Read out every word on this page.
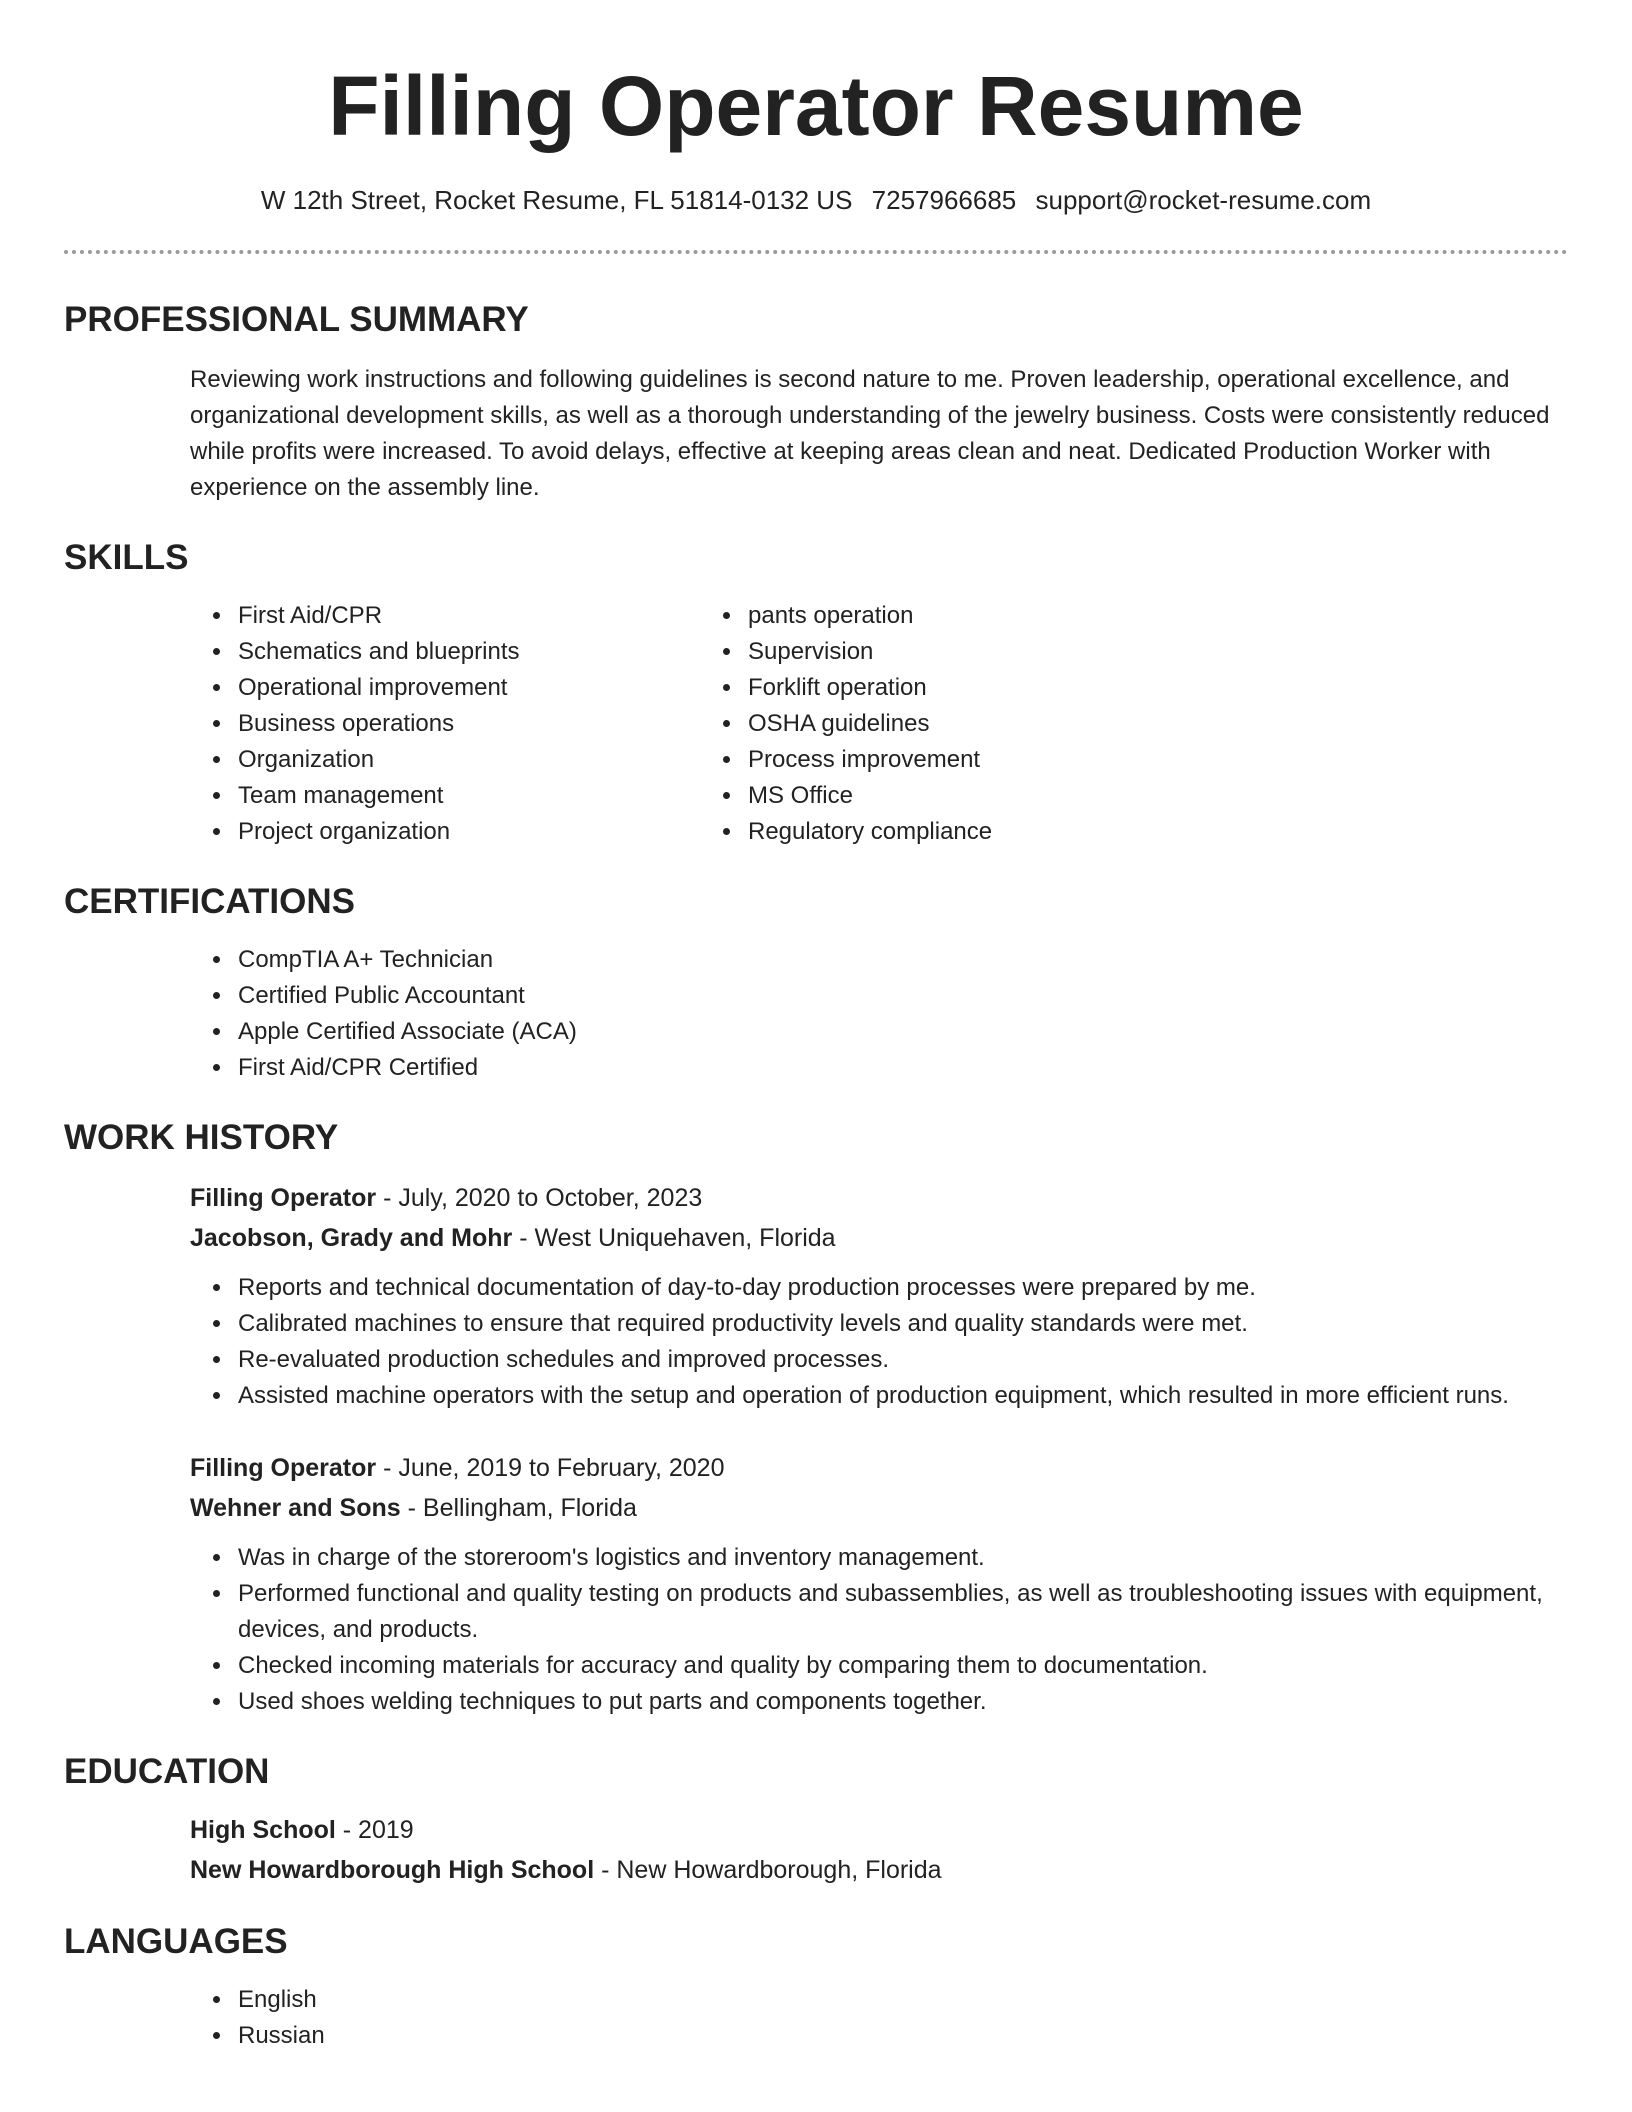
Filling Operator Resume
W 12th Street, Rocket Resume, FL 51814-0132 US 7257966685 support@rocket-resume.com
PROFESSIONAL SUMMARY

Reviewing work instructions and following guidelines is second nature to me. Proven leadership, operational excellence, and organizational development skills, as well as a thorough understanding of the jewelry business. Costs were consistently reduced while profits were increased. To avoid delays, effective at keeping areas clean and neat. Dedicated Production Worker with experience on the assembly line.

SKILLS
• First Aid/CPR
• Schematics and blueprints
• Operational improvement
• Business operations
• Organization
• Team management
• Project organization
• pants operation
• Supervision
• Forklift operation
• OSHA guidelines
• Process improvement
• MS Office
• Regulatory compliance
CERTIFICATIONS
• CompTIA A+ Technician
• Certified Public Accountant
• Apple Certified Associate (ACA)
• First Aid/CPR Certified
WORK HISTORY
Filling Operator - July, 2020 to October, 2023
Jacobson, Grady and Mohr - West Uniquehaven, Florida
• Reports and technical documentation of day-to-day production processes were prepared by me.
• Calibrated machines to ensure that required productivity levels and quality standards were met.
• Re-evaluated production schedules and improved processes.
• Assisted machine operators with the setup and operation of production equipment, which resulted in more efficient runs.
Filling Operator - June, 2019 to February, 2020
Wehner and Sons - Bellingham, Florida
• Was in charge of the storeroom's logistics and inventory management.
• Performed functional and quality testing on products and subassemblies, as well as troubleshooting issues with equipment, devices, and products.
• Checked incoming materials for accuracy and quality by comparing them to documentation.
• Used shoes welding techniques to put parts and components together.
EDUCATION
High School - 2019
New Howardborough High School - New Howardborough, Florida
LANGUAGES
• English
• Russian
